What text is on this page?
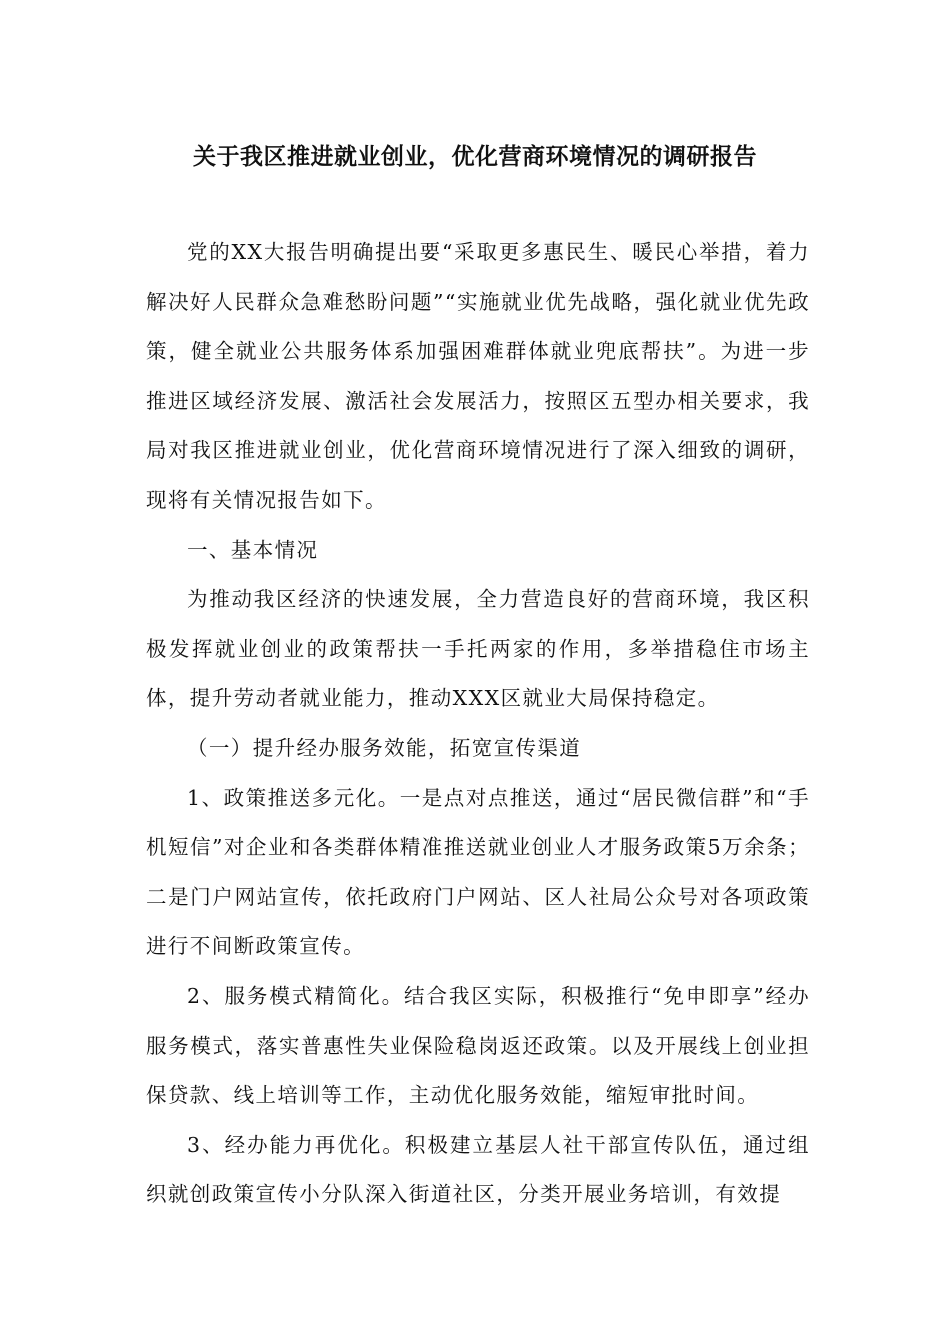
关于我区推进就业创业，优化营商环境情况的调研报告

党的XX大报告明确提出要“采取更多惠民生、暖民心举措，着力解决好人民群众急难愁盼问题”“实施就业优先战略，强化就业优先政策，健全就业公共服务体系加强困难群体就业兜底帮扶”。为进一步推进区域经济发展、激活社会发展活力，按照区五型办相关要求，我局对我区推进就业创业，优化营商环境情况进行了深入细致的调研，现将有关情况报告如下。

一、基本情况

为推动我区经济的快速发展，全力营造良好的营商环境，我区积极发挥就业创业的政策帮扶一手托两家的作用，多举措稳住市场主体，提升劳动者就业能力，推动XXX区就业大局保持稳定。

（一）提升经办服务效能，拓宽宣传渠道

1、政策推送多元化。一是点对点推送，通过“居民微信群”和“手机短信”对企业和各类群体精准推送就业创业人才服务政策5万余条；二是门户网站宣传，依托政府门户网站、区人社局公众号对各项政策进行不间断政策宣传。

2、服务模式精简化。结合我区实际，积极推行“免申即享”经办服务模式，落实普惠性失业保险稳岗返还政策。以及开展线上创业担保贷款、线上培训等工作，主动优化服务效能，缩短审批时间。

3、经办能力再优化。积极建立基层人社干部宣传队伍，通过组织就创政策宣传小分队深入街道社区，分类开展业务培训，有效提
